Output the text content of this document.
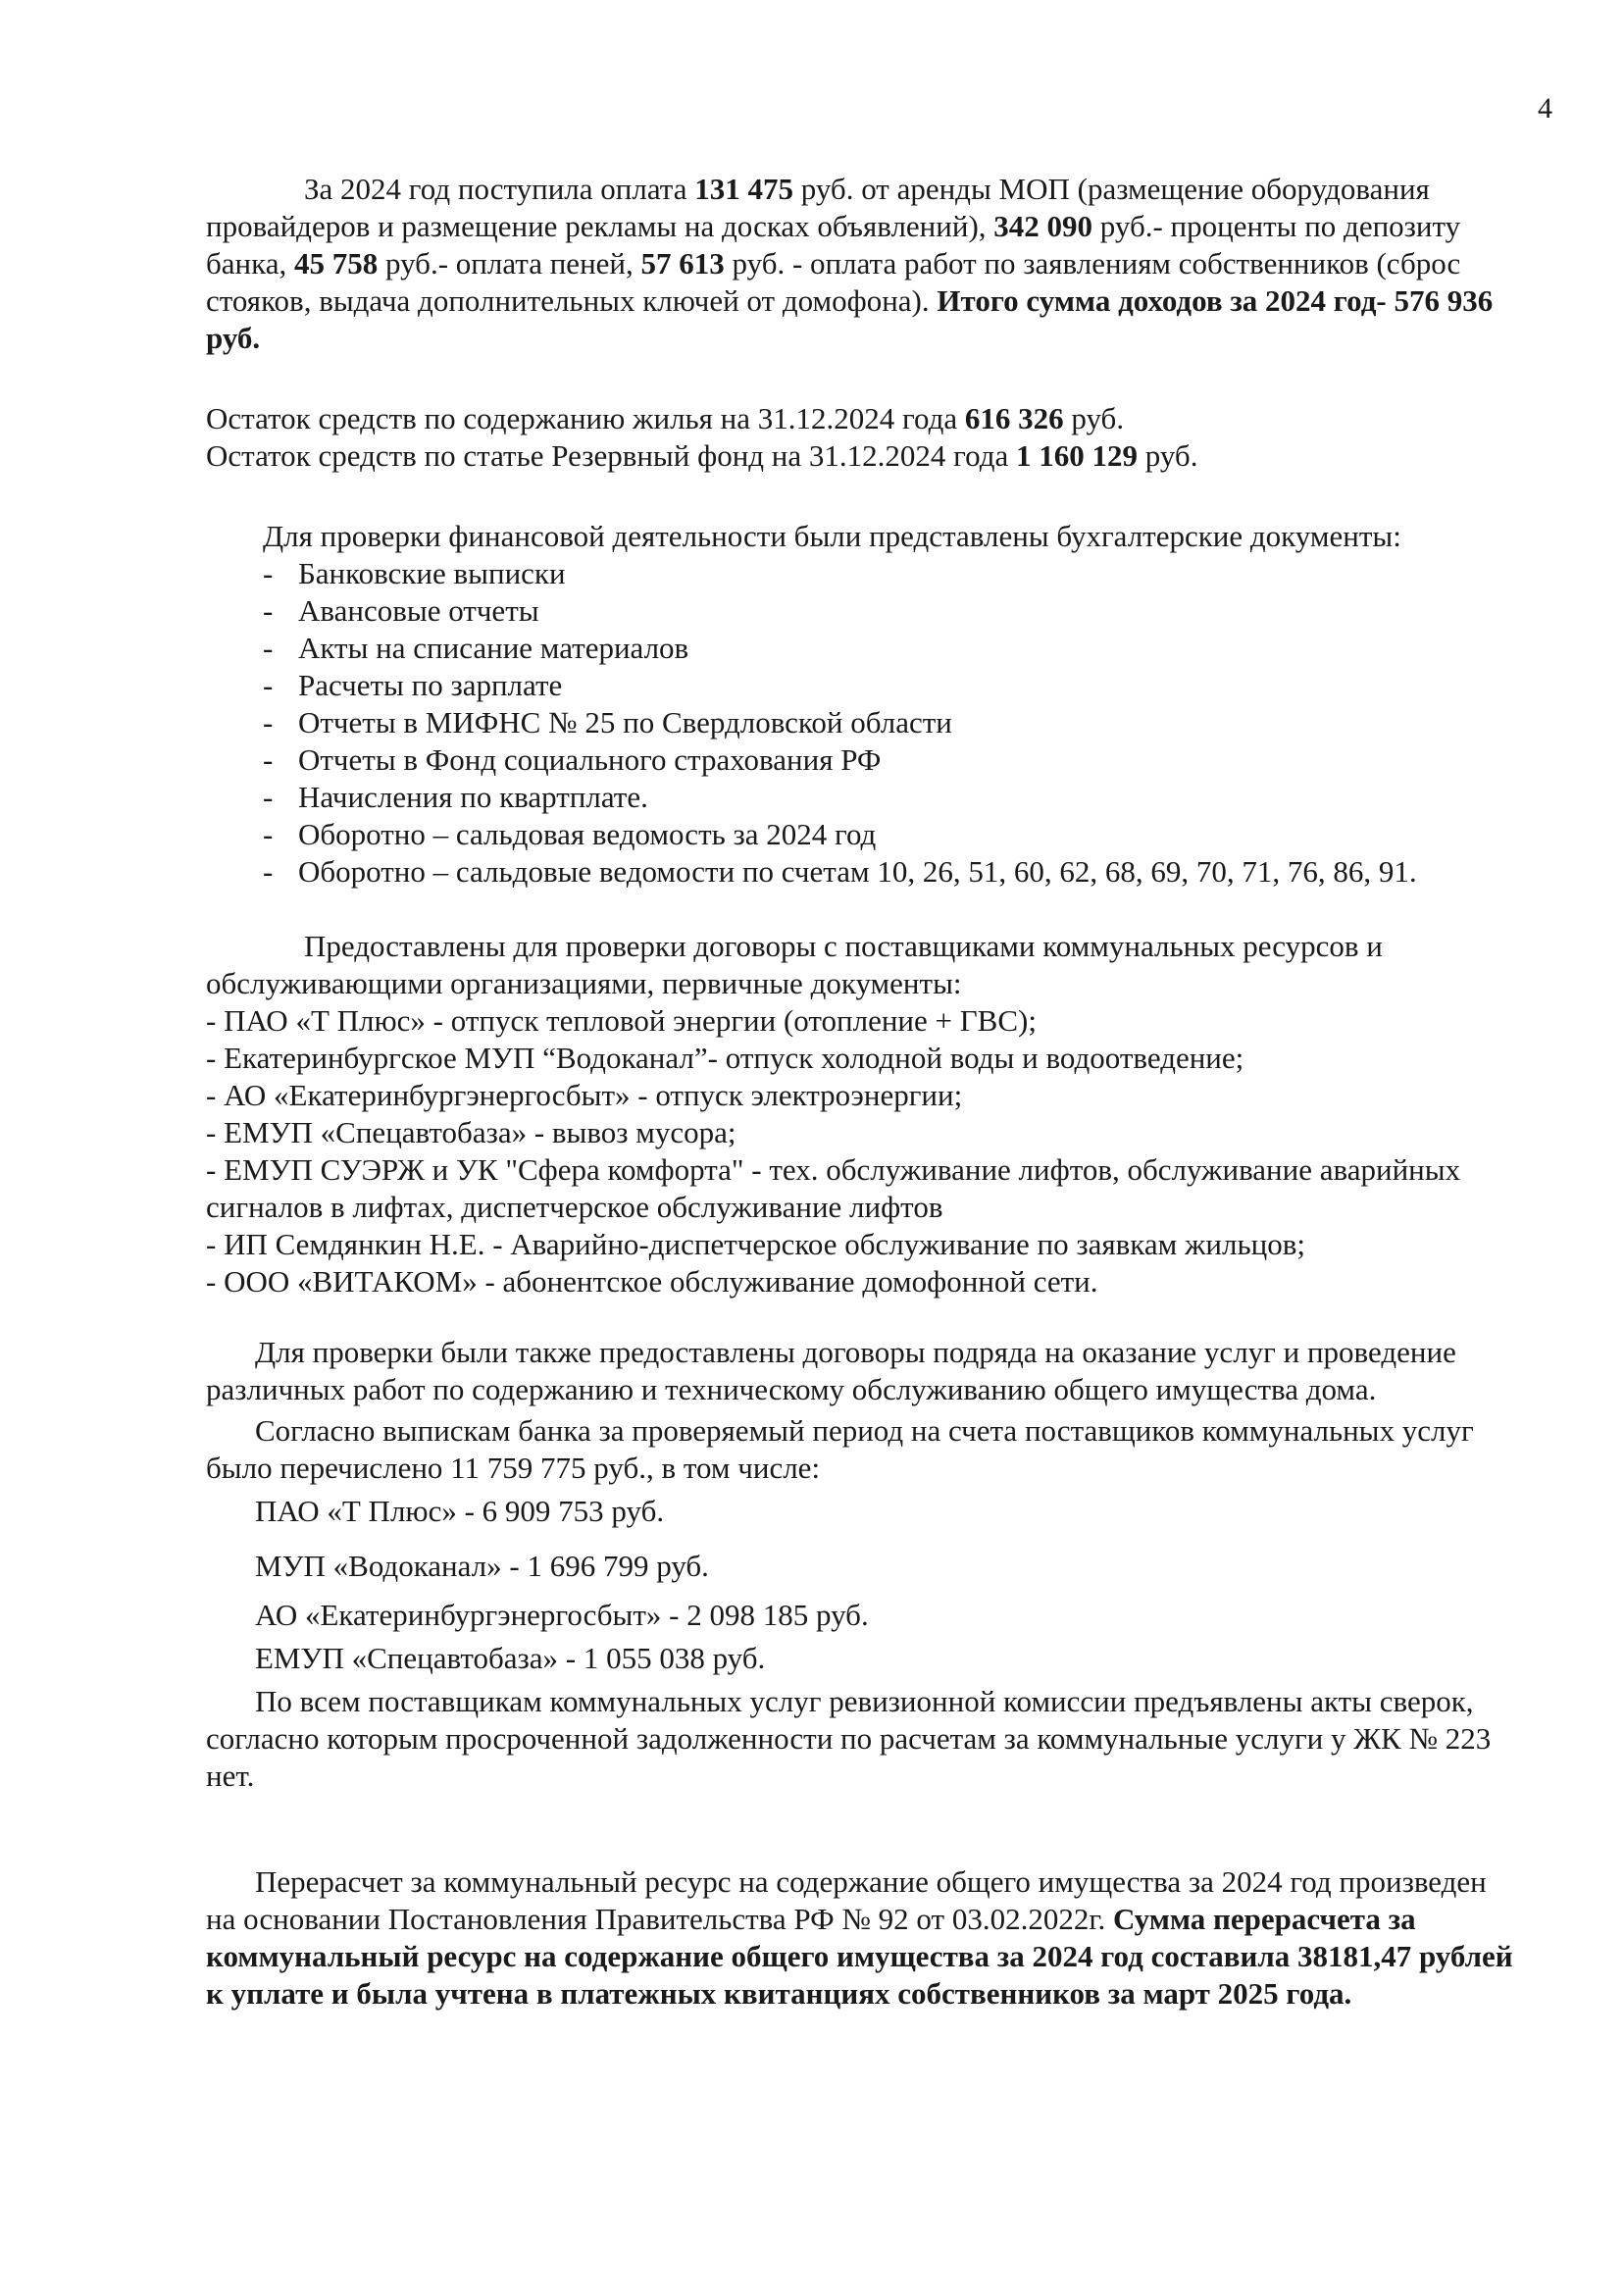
4

За 2024 год поступила оплата 131 475 руб. от аренды МОП (размещение оборудования провайдеров и размещение рекламы на досках объявлений), 342 090 руб.- проценты по депозиту банка, 45 758 руб.- оплата пеней, 57 613 руб. - оплата работ по заявлениям собственников (сброс стояков, выдача дополнительных ключей от домофона). Итого сумма доходов за 2024 год- 576 936 руб.

Остаток средств по содержанию жилья на 31.12.2024 года 616 326 руб.

Остаток средств по статье Резервный фонд на 31.12.2024 года 1 160 129 руб.

Для проверки финансовой деятельности были представлены бухгалтерские документы:

- Банковские выписки
- Авансовые отчеты
- Акты на списание материалов
- Расчеты по зарплате
- Отчеты в МИФНС № 25 по Свердловской области
- Отчеты в Фонд социального страхования РФ
- Начисления по квартплате.
- Оборотно – сальдовая ведомость за 2024 год
- Оборотно – сальдовые ведомости по счетам 10, 26, 51, 60, 62, 68, 69, 70, 71, 76, 86, 91.

Предоставлены для проверки договоры с поставщиками коммунальных ресурсов и обслуживающими организациями, первичные документы:

- ПАО «Т Плюс» - отпуск тепловой энергии (отопление + ГВС);
- Екатеринбургское МУП “Водоканал”- отпуск холодной воды и водоотведение;
- АО «Екатеринбургэнергосбыт» - отпуск электроэнергии;
- ЕМУП «Спецавтобаза» - вывоз мусора;
- ЕМУП СУЭРЖ и УК "Сфера комфорта" - тех. обслуживание лифтов, обслуживание аварийных сигналов в лифтах, диспетчерское обслуживание лифтов
- ИП Семдянкин Н.Е. - Аварийно-диспетчерское обслуживание по заявкам жильцов;
- ООО «ВИТАКОМ» - абонентское обслуживание домофонной сети.

Для проверки были также предоставлены договоры подряда на оказание услуг и проведение различных работ по содержанию и техническому обслуживанию общего имущества дома.

Согласно выпискам банка за проверяемый период на счета поставщиков коммунальных услуг было перечислено 11 759 775 руб., в том числе:

ПАО «Т Плюс» - 6 909 753 руб.

МУП «Водоканал» - 1 696 799 руб.

АО «Екатеринбургэнергосбыт» - 2 098 185 руб.

ЕМУП «Спецавтобаза» - 1 055 038 руб.

По всем поставщикам коммунальных услуг ревизионной комиссии предъявлены акты сверок, согласно которым просроченной задолженности по расчетам за коммунальные услуги у ЖК № 223 нет.

Перерасчет за коммунальный ресурс на содержание общего имущества за 2024 год произведен на основании Постановления Правительства РФ № 92 от 03.02.2022г. Сумма перерасчета за коммунальный ресурс на содержание общего имущества за 2024 год составила 38181,47 рублей к уплате и была учтена в платежных квитанциях собственников за март 2025 года.
